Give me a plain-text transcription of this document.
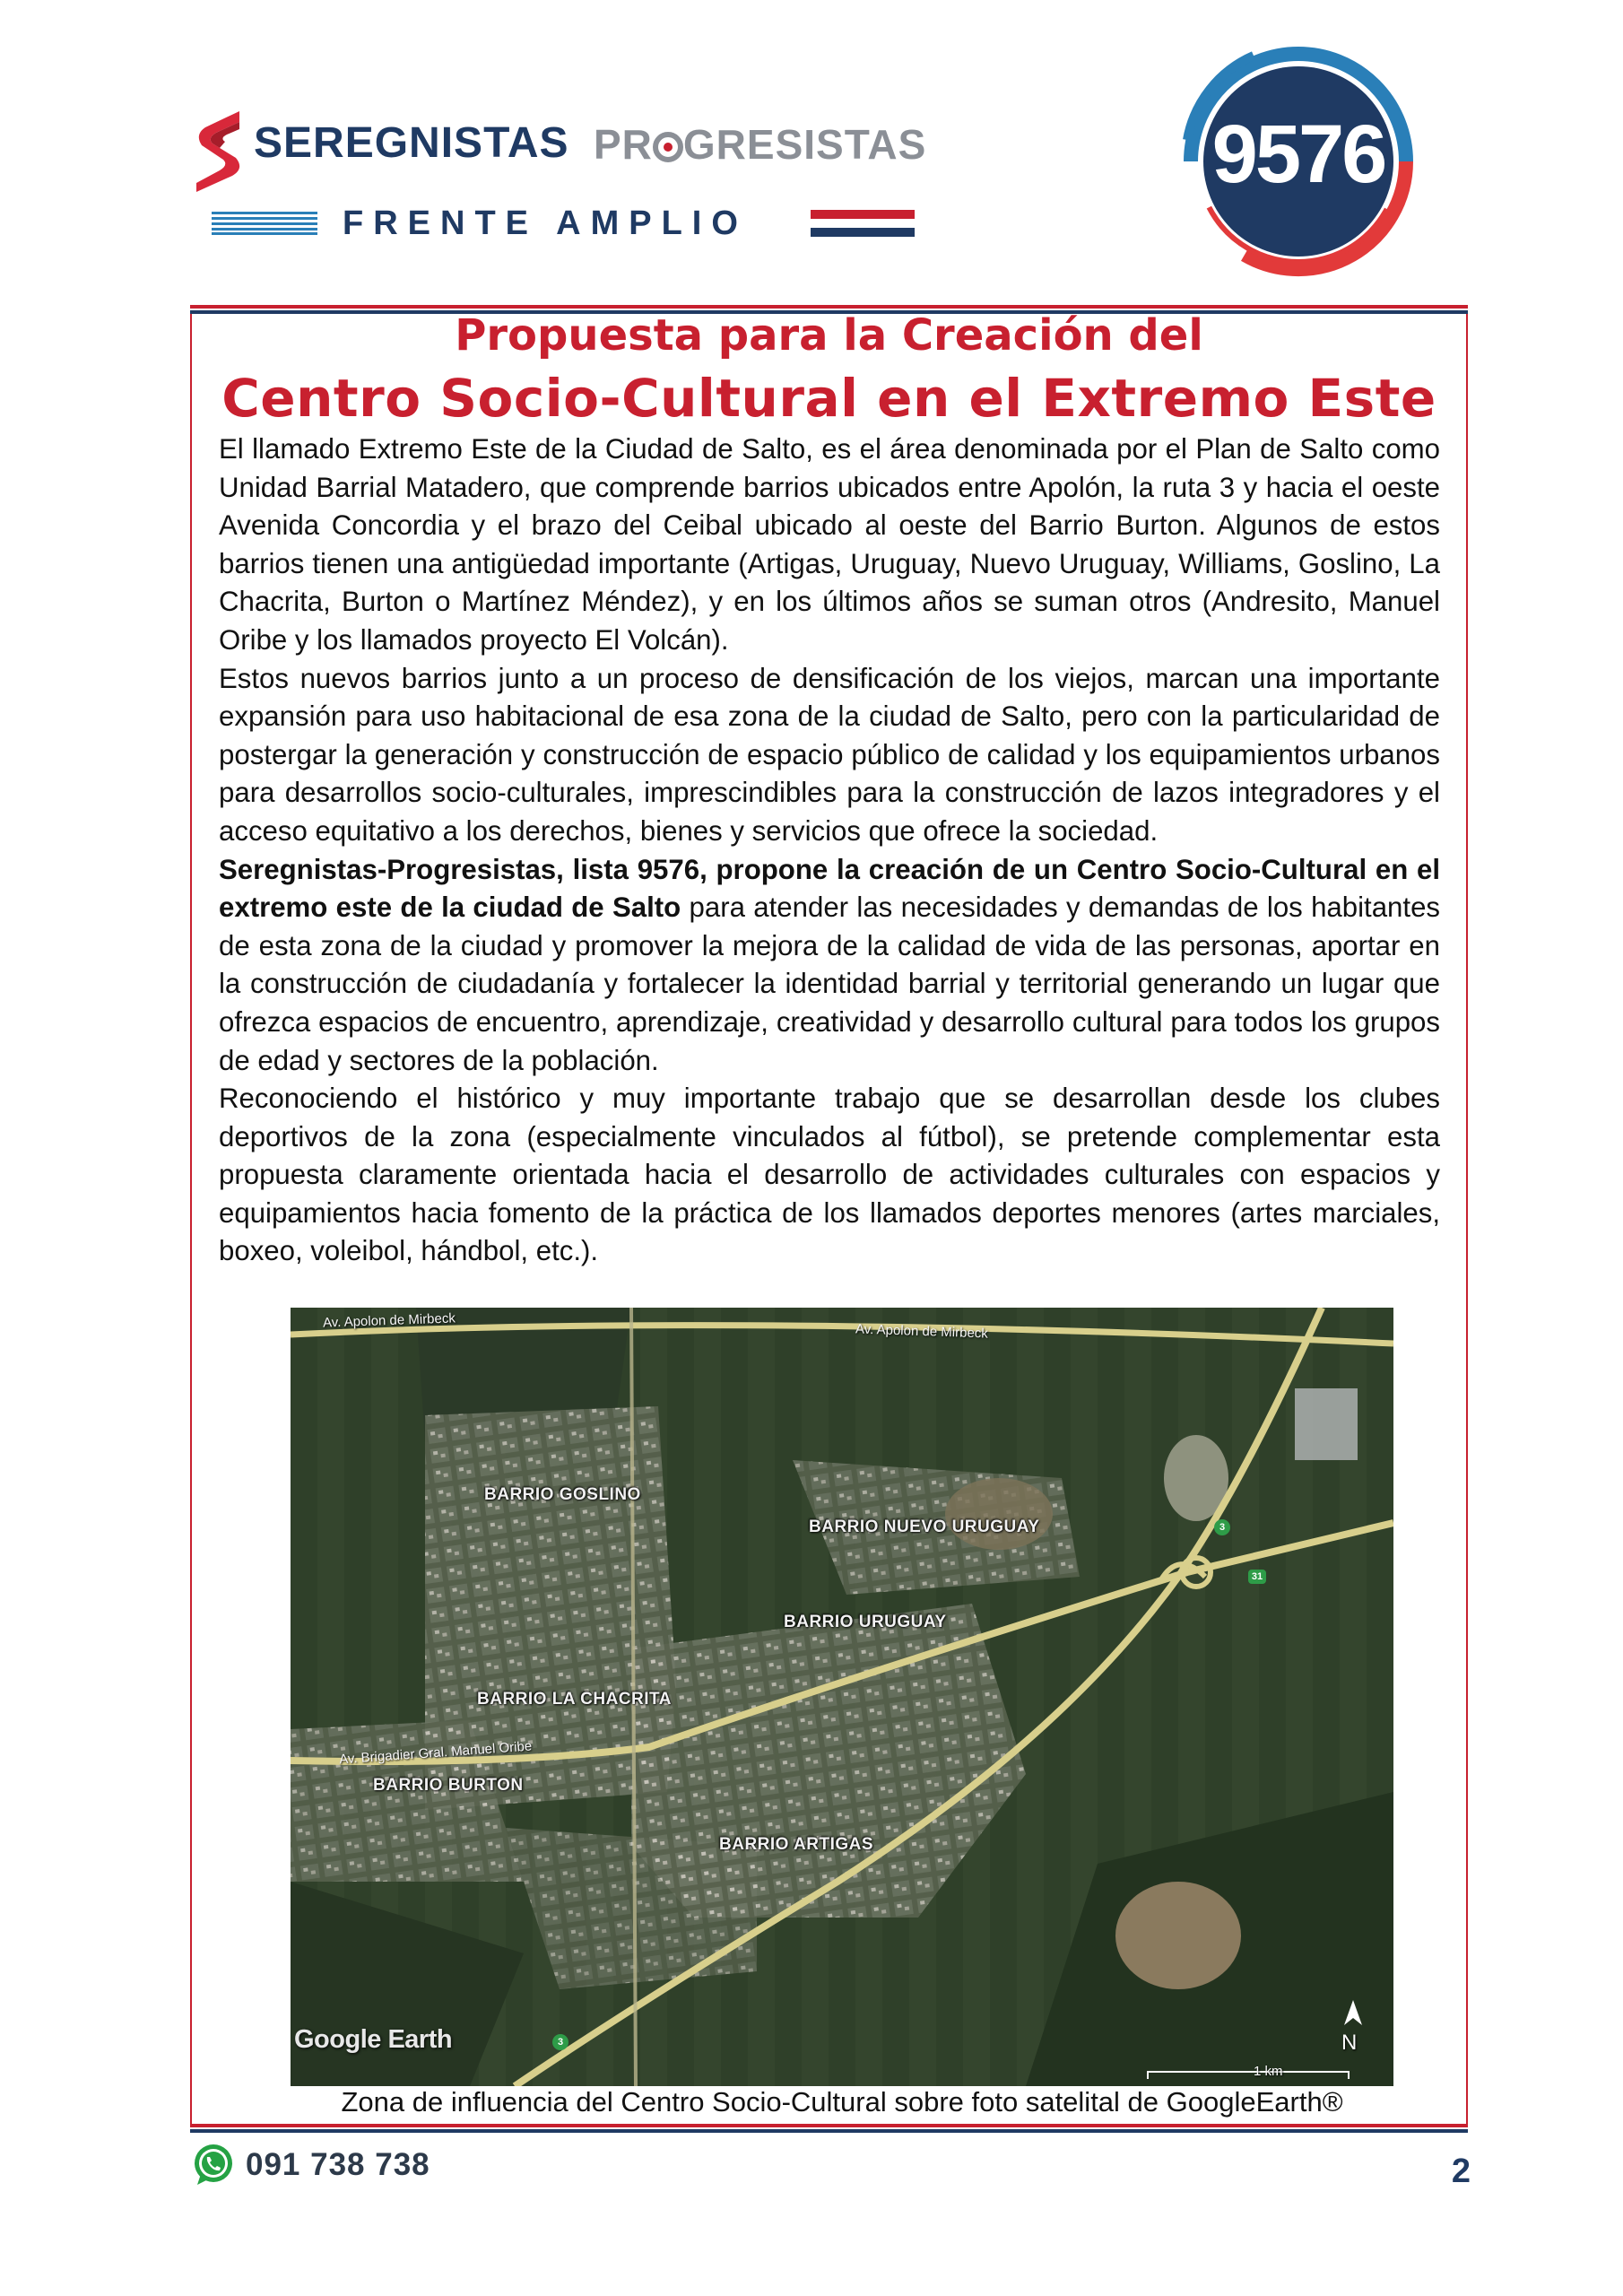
SEREGNISTAS PR GRESISTAS
FRENTE AMPLIO
9576
Propuesta para la Creación del
Centro Socio-Cultural en el Extremo Este

El llamado Extremo Este de la Ciudad de Salto, es el área denominada por el Plan de Salto como Unidad Barrial Matadero, que comprende barrios ubicados entre Apolón, la ruta 3 y hacia el oeste Avenida Concordia y el brazo del Ceibal ubicado al oeste del Barrio Burton. Algunos de estos barrios tienen una antigüedad importante (Artigas, Uruguay, Nuevo Uruguay, Williams, Goslino, La Chacrita, Burton o Martínez Méndez), y en los últimos años se suman otros (Andresito, Manuel Oribe y los llamados proyecto El Volcán).

Estos nuevos barrios junto a un proceso de densificación de los viejos, marcan una importante expansión para uso habitacional de esa zona de la ciudad de Salto, pero con la particularidad de postergar la generación y construcción de espacio público de calidad y los equipamientos urbanos para desarrollos socio-culturales, imprescindibles para la construcción de lazos integradores y el acceso equitativo a los derechos, bienes y servicios que ofrece la sociedad.

Seregnistas-Progresistas, lista 9576, propone la creación de un Centro Socio-Cultural en el extremo este de la ciudad de Salto para atender las necesidades y demandas de los habitantes de esta zona de la ciudad y promover la mejora de la calidad de vida de las personas, aportar en la construcción de ciudadanía y fortalecer la identidad barrial y territorial generando un lugar que ofrezca espacios de encuentro, aprendizaje, creatividad y desarrollo cultural para todos los grupos de edad y sectores de la población.

Reconociendo el histórico y muy importante trabajo que se desarrollan desde los clubes deportivos de la zona (especialmente vinculados al fútbol), se pretende complementar esta propuesta claramente orientada hacia el desarrollo de actividades culturales con espacios y equipamientos hacia fomento de la práctica de los llamados deportes menores (artes marciales, boxeo, voleibol, hándbol, etc.).

Av. Apolon de Mirbeck
Av. Apolon de Mirbeck
Av. Brigadier Gral. Manuel Oribe
BARRIO GOSLINO
BARRIO NUEVO URUGUAY
BARRIO URUGUAY
BARRIO LA CHACRITA
BARRIO BURTON
BARRIO ARTIGAS
3
31
3
Google Earth	N
1 km
Zona de influencia del Centro Socio-Cultural sobre foto satelital de GoogleEarth®
091 738 738	2
